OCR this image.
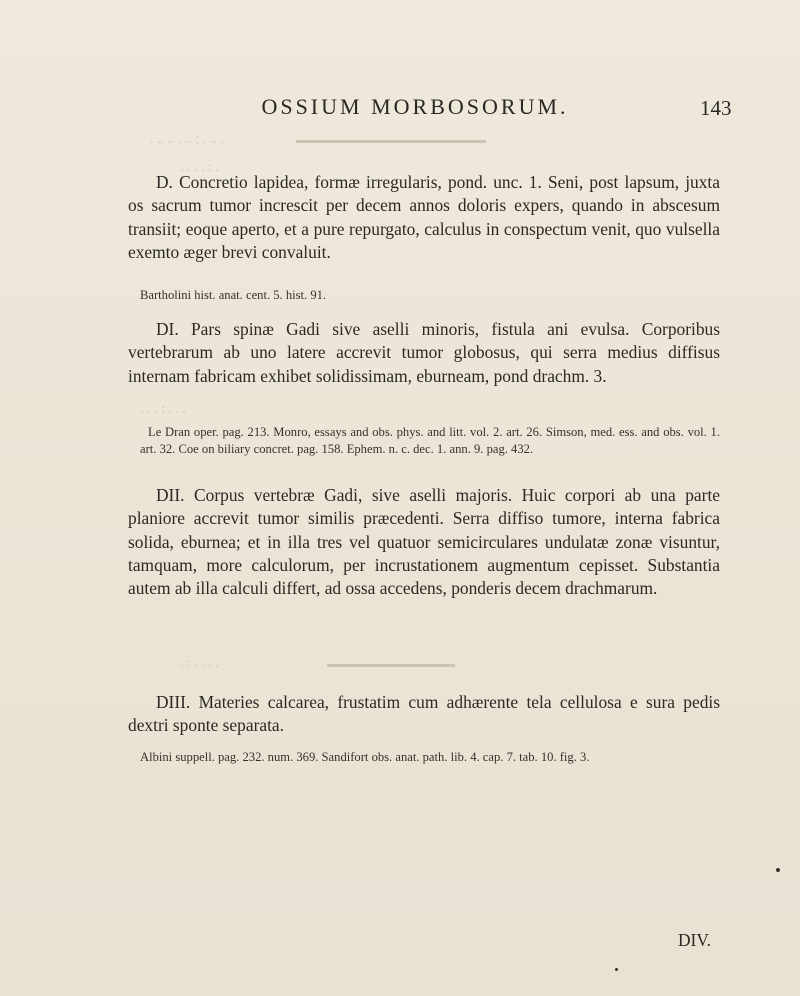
OSSIUM MORBOSORUM.	143
. .. .. . .. ; . .. .
. . . . : .
D. Concretio lapidea, formæ irregularis, pond. unc. 1. Seni, post lapsum, juxta os sacrum tumor increscit per decem annos doloris expers, quando in abscesum transiit; eoque aperto, et a pure repurgato, calculus in conspectum venit, quo vulsella exemto æger brevi convaluit.
Bartholini hist. anat. cent. 5. hist. 91.
DI. Pars spinæ Gadi sive aselli minoris, fistula ani evulsa. Corporibus vertebrarum ab uno latere accrevit tumor globosus, qui serra medius diffisus internam fabricam exhibet solidissimam, eburneam, pond drachm. 3.
. . . : . . .
Le Dran oper. pag. 213. Monro, essays and obs. phys. and litt. vol. 2. art. 26. Simson, med. ess. and obs. vol. 1. art. 32. Coe on biliary concret. pag. 158. Ephem. n. c. dec. 1. ann. 9. pag. 432.
DII. Corpus vertebræ Gadi, sive aselli majoris. Huic corpori ab una parte planiore accrevit tumor similis præcedenti. Serra diffiso tumore, interna fabrica solida, eburnea; et in illa tres vel quatuor semicirculares undulatæ zonæ visuntur, tamquam, more calculorum, per incrustationem augmentum cepisset. Substantia autem ab illa calculi differt, ad ossa accedens, ponderis decem drachmarum.
. : . . . .
DIII. Materies calcarea, frustatim cum adhærente tela cellulosa e sura pedis dextri sponte separata.
Albini suppell. pag. 232. num. 369. Sandifort obs. anat. path. lib. 4. cap. 7. tab. 10. fig. 3.
DIV.
